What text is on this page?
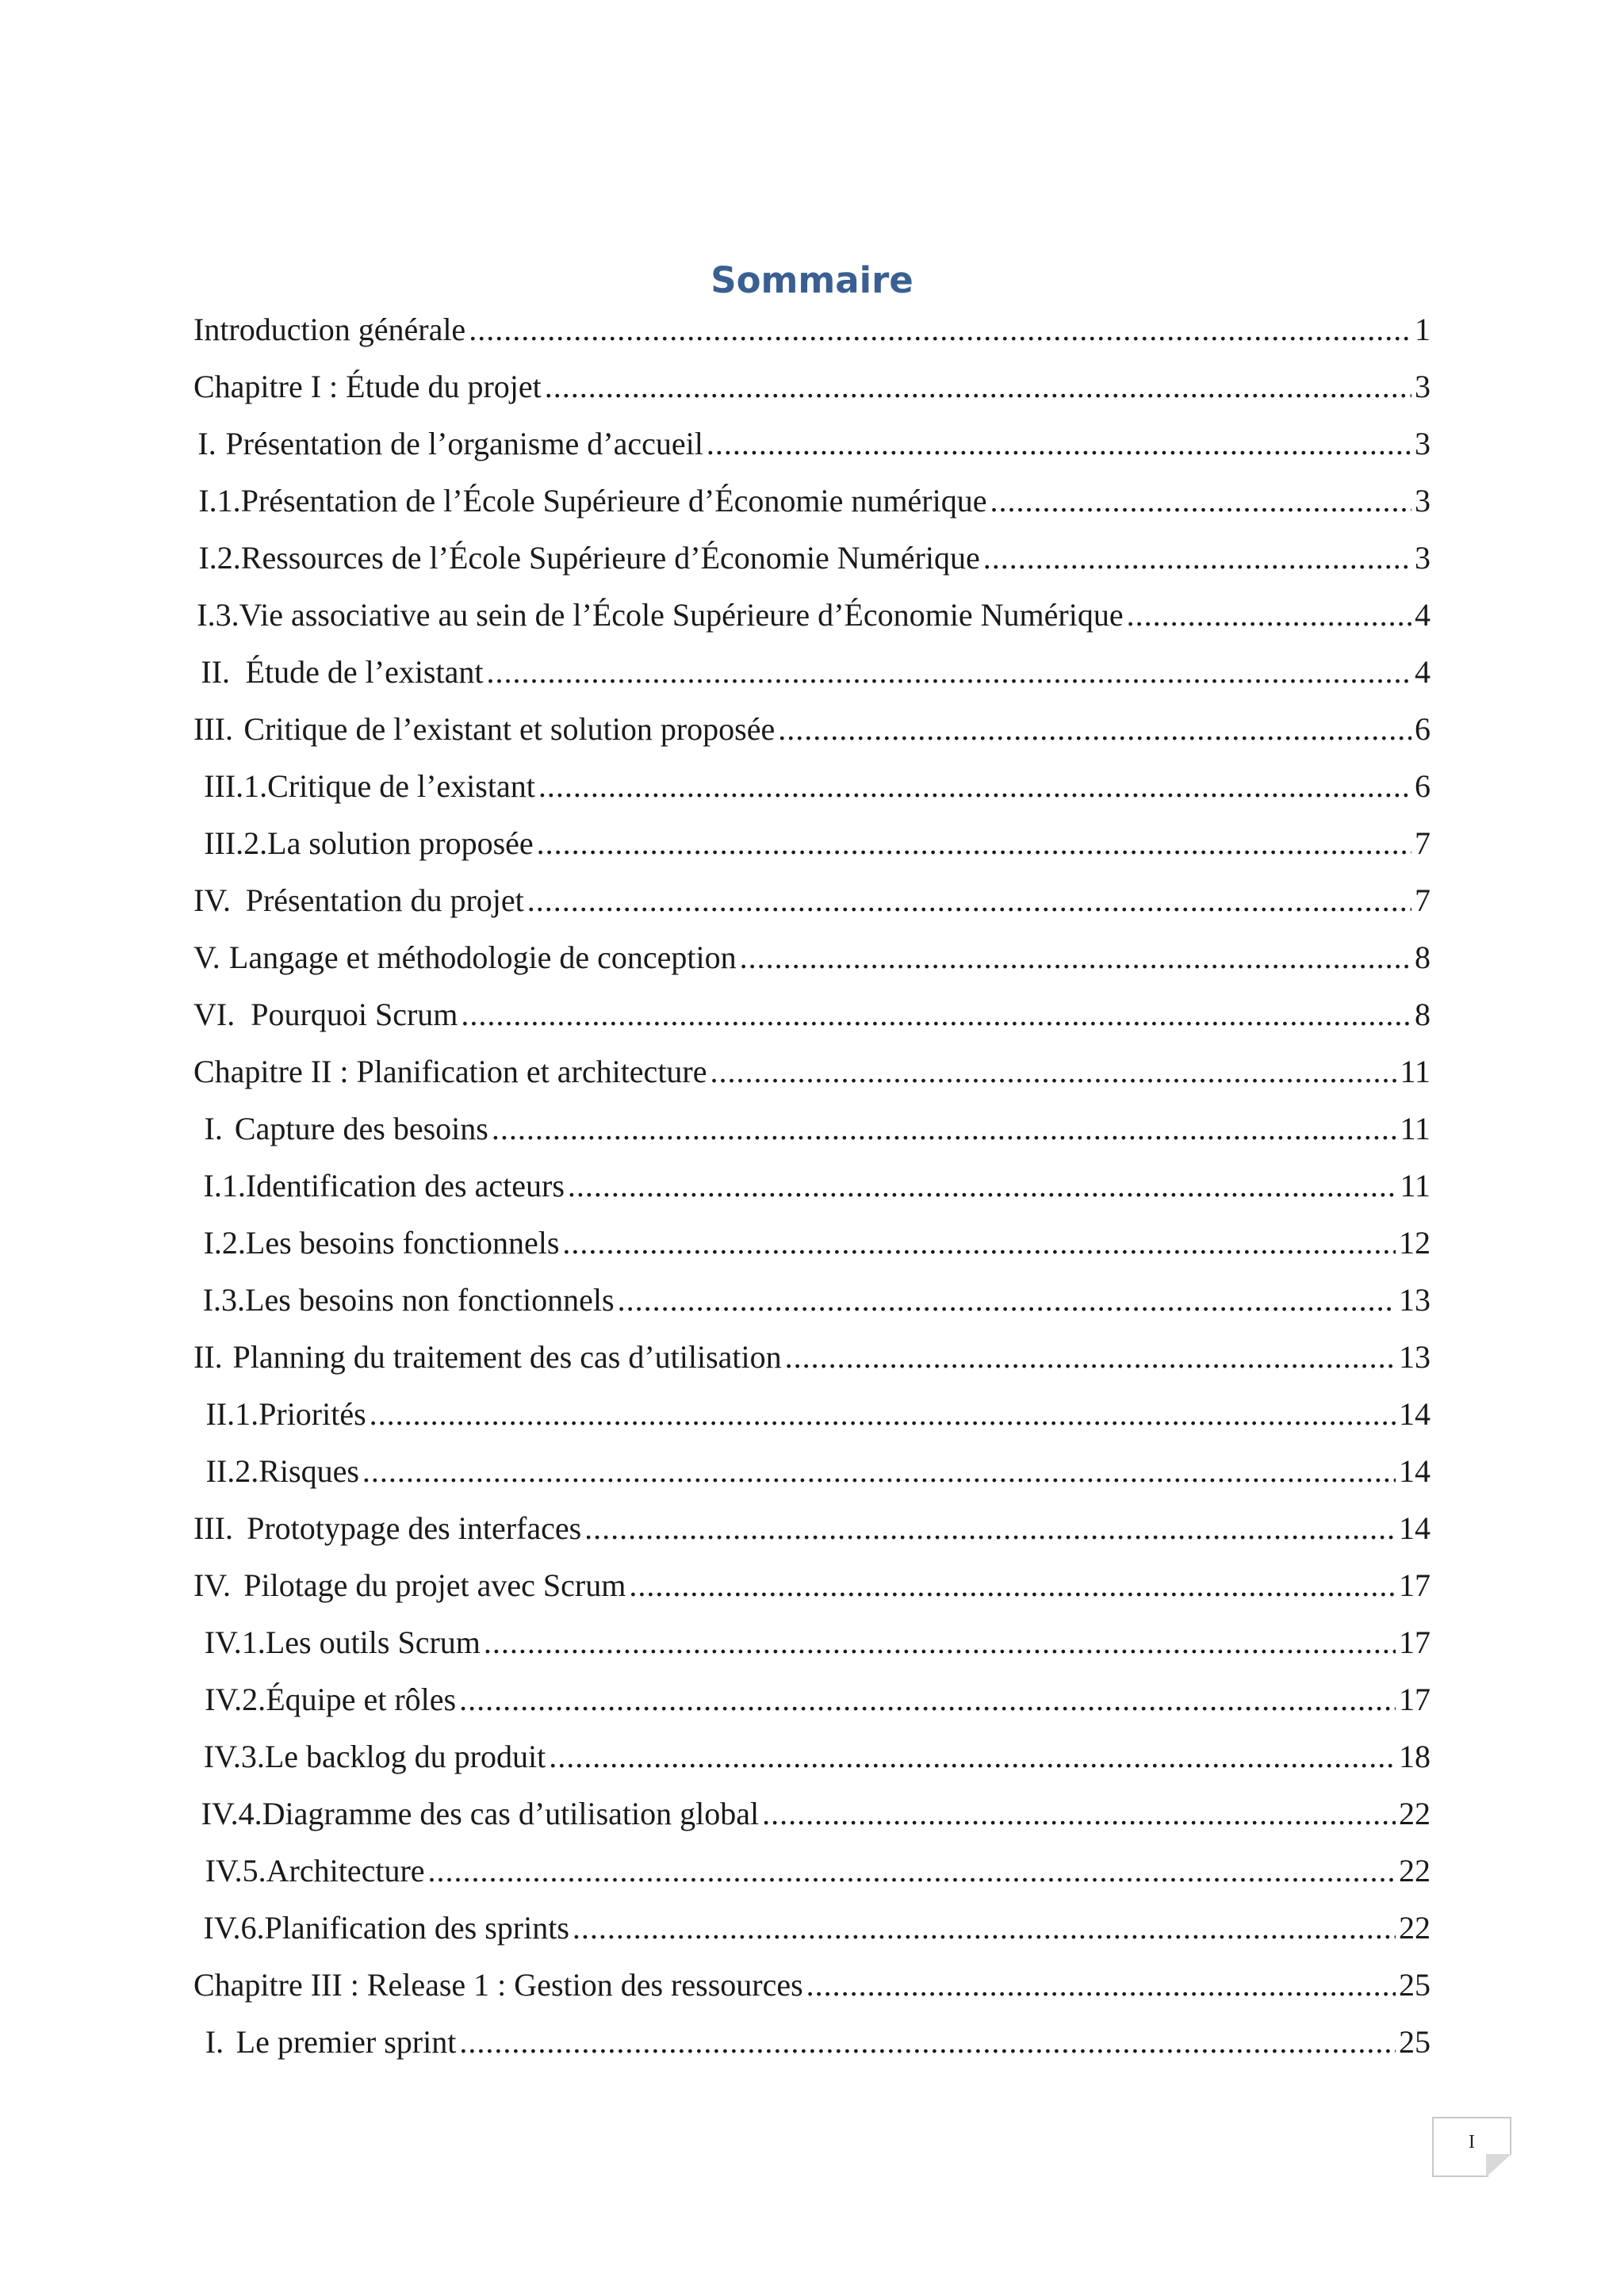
Sommaire
Introduction générale .....	1
Chapitre I : Étude du projet .....	3
I. Présentation de l’organisme d’accueil .....	3
I.1. Présentation de l’École Supérieure d’Économie numérique .....	3
I.2. Ressources de l’École Supérieure d’Économie Numérique .....	3
I.3. Vie associative au sein de l’École Supérieure d’Économie Numérique .....	4
II. Étude de l’existant .....	4
III. Critique de l’existant et solution proposée .....	6
III.1. Critique de l’existant .....	6
III.2. La solution proposée .....	7
IV. Présentation du projet .....	7
V. Langage et méthodologie de conception .....	8
VI. Pourquoi Scrum .....	8
Chapitre II : Planification et architecture .....	11
I. Capture des besoins .....	11
I.1. Identification des acteurs .....	11
I.2. Les besoins fonctionnels .....	12
I.3. Les besoins non fonctionnels .....	13
II. Planning du traitement des cas d’utilisation .....	13
II.1. Priorités .....	14
II.2. Risques .....	14
III. Prototypage des interfaces .....	14
IV. Pilotage du projet avec Scrum .....	17
IV.1. Les outils Scrum .....	17
IV.2. Équipe et rôles .....	17
IV.3. Le backlog du produit .....	18
IV.4. Diagramme des cas d’utilisation global .....	22
IV.5. Architecture .....	22
IV.6. Planification des sprints .....	22
Chapitre III : Release 1 : Gestion des ressources .....	25
I. Le premier sprint .....	25
I
